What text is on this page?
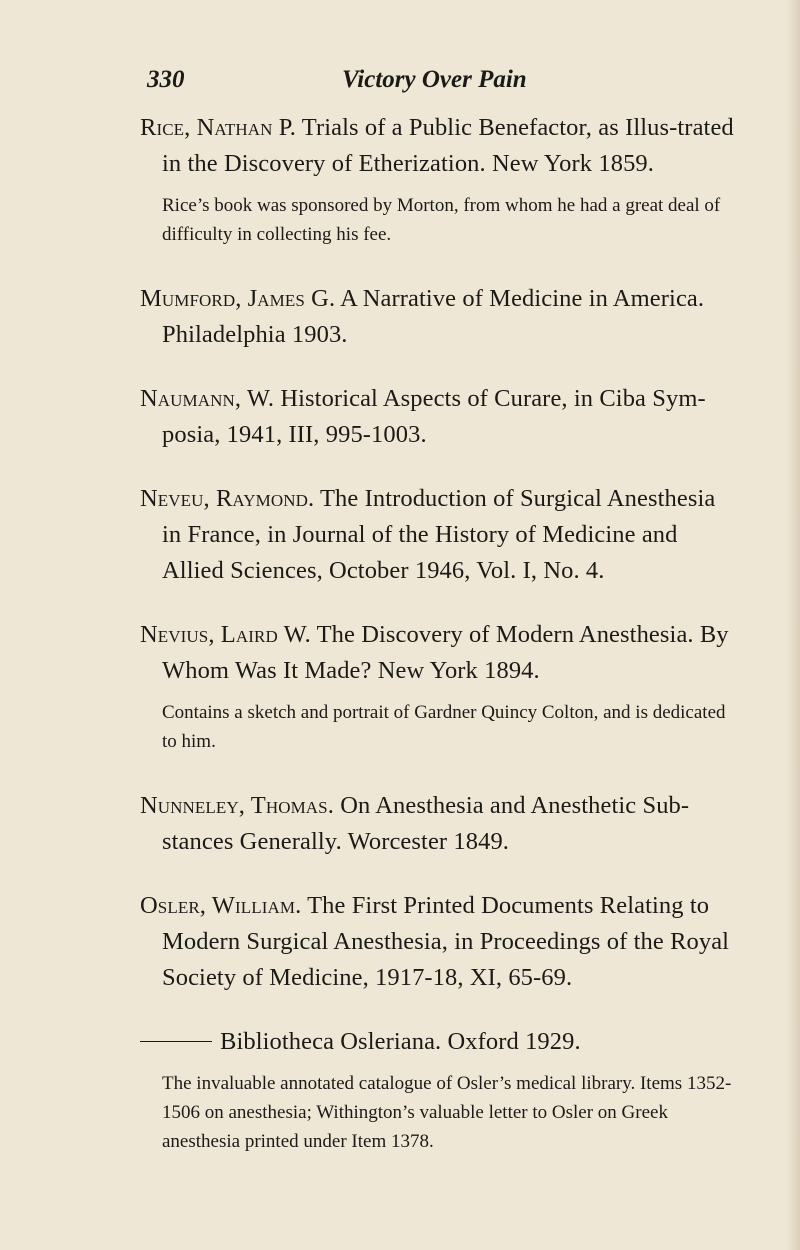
330	Victory Over Pain
Rice, Nathan P. Trials of a Public Benefactor, as Illus-trated in the Discovery of Etherization. New York 1859.
Rice’s book was sponsored by Morton, from whom he had a great deal of difficulty in collecting his fee.
Mumford, James G. A Narrative of Medicine in America. Philadelphia 1903.
Naumann, W. Historical Aspects of Curare, in Ciba Sym-posia, 1941, III, 995-1003.
Neveu, Raymond. The Introduction of Surgical Anesthesia in France, in Journal of the History of Medicine and Allied Sciences, October 1946, Vol. I, No. 4.
Nevius, Laird W. The Discovery of Modern Anesthesia. By Whom Was It Made? New York 1894.
Contains a sketch and portrait of Gardner Quincy Colton, and is dedicated to him.
Nunneley, Thomas. On Anesthesia and Anesthetic Sub-stances Generally. Worcester 1849.
Osler, William. The First Printed Documents Relating to Modern Surgical Anesthesia, in Proceedings of the Royal Society of Medicine, 1917-18, XI, 65-69.
Bibliotheca Osleriana. Oxford 1929.
The invaluable annotated catalogue of Osler’s medical library. Items 1352-1506 on anesthesia; Withington’s valuable letter to Osler on Greek anesthesia printed under Item 1378.
